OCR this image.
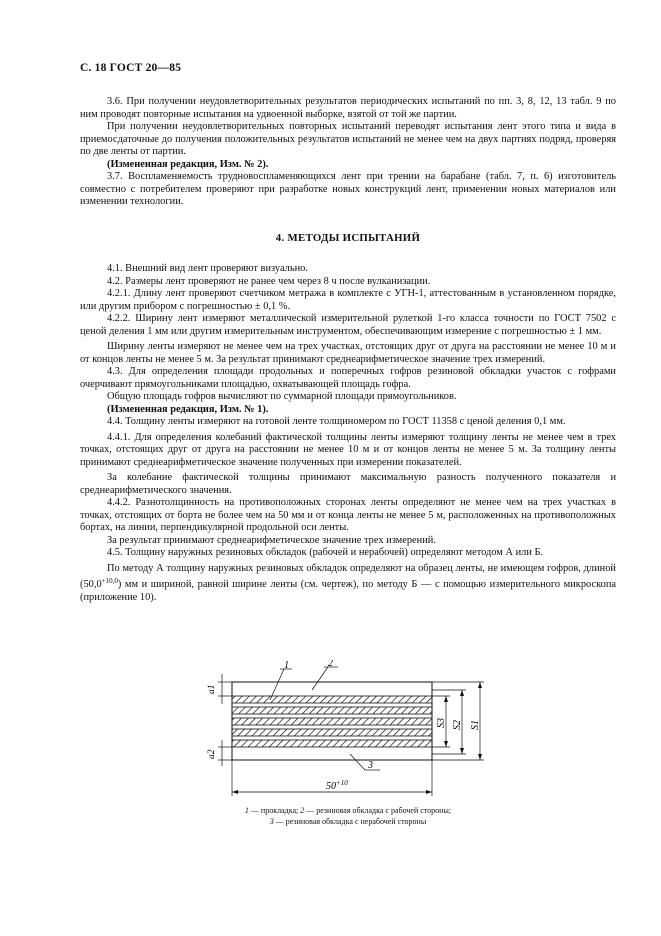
С. 18 ГОСТ 20—85

3.6. При получении неудовлетворительных результатов периодических испытаний по пп. 3, 8, 12, 13 табл. 9 по ним проводят повторные испытания на удвоенной выборке, взятой от той же партии.

При получении неудовлетворительных повторных испытаний переводят испытания лент этого типа и вида в приемосдаточные до получения положительных результатов испытаний не менее чем на двух партиях подряд, проверяя по две ленты от партии.

(Измененная редакция, Изм. № 2).

3.7. Воспламеняемость трудновоспламеняющихся лент при трении на барабане (табл. 7, п. 6) изготовитель совместно с потребителем проверяют при разработке новых конструкций лент, применении новых материалов или изменении технологии.

4. МЕТОДЫ ИСПЫТАНИЙ

4.1. Внешний вид лент проверяют визуально.

4.2. Размеры лент проверяют не ранее чем через 8 ч после вулканизации.

4.2.1. Длину лент проверяют счетчиком метража в комплекте с УГН-1, аттестованным в установленном порядке, или другим прибором с погрешностью ± 0,1 %.

4.2.2. Ширину лент измеряют металлической измерительной рулеткой 1-го класса точности по ГОСТ 7502 с ценой деления 1 мм или другим измерительным инструментом, обеспечивающим измерение с погрешностью ± 1 мм.

Ширину ленты измеряют не менее чем на трех участках, отстоящих друг от друга на расстоянии не менее 10 м и от концов ленты не менее 5 м. За результат принимают среднеарифметическое значение трех измерений.

4.3. Для определения площади продольных и поперечных гофров резиновой обкладки участок с гофрами очерчивают прямоугольниками площадью, охватывающей площадь гофра.

Общую площадь гофров вычисляют по суммарной площади прямоугольников.

(Измененная редакция, Изм. № 1).

4.4. Толщину ленты измеряют на готовой ленте толщиномером по ГОСТ 11358 с ценой деления 0,1 мм.

4.4.1. Для определения колебаний фактической толщины ленты измеряют толщину ленты не менее чем в трех точках, отстоящих друг от друга на расстоянии не менее 10 м и от концов ленты не менее 5 м. За толщину ленты принимают среднеарифметическое значение полученных при измерении показателей.

За колебание фактической толщины принимают максимальную разность полученного показателя и среднеарифметического значения.

4.4.2. Разнотолщинность на противоположных сторонах ленты определяют не менее чем на трех участках в точках, отстоящих от борта не более чем на 50 мм и от конца ленты не менее 5 м, расположенных на противоположных бортах, на линии, перпендикулярной продольной оси ленты.

За результат принимают среднеарифметическое значение трех измерений.

4.5. Толщину наружных резиновых обкладок (рабочей и нерабочей) определяют методом А или Б.

По методу А толщину наружных резиновых обкладок определяют на образец ленты, не имеющем гофров, длиной $(50,0^{+10,0})$ мм и шириной, равной ширине ленты (см. чертеж), по методу Б — с помощью измерительного микроскопа (приложение 10).

1	2
3
a1
a2
S3 S2 S1
$50^{+10}$
1 — прокладка; 2 — резиновая обкладка с рабочей стороны;
3 — резиновая обкладка с нерабочей стороны
